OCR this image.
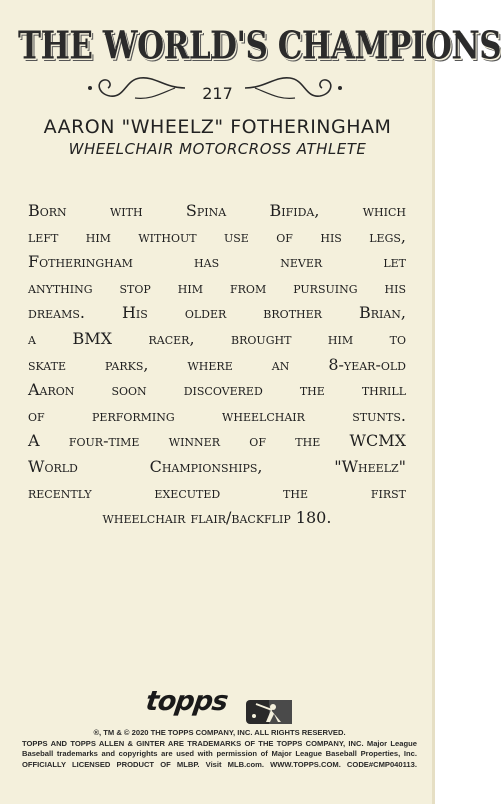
THE WORLD'S CHAMPIONS
217
AARON "WHEELZ" FOTHERINGHAM
WHEELCHAIR MOTORCROSS ATHLETE
Born with Spina Bifida, which
left him without use of his legs,
Fotheringham has never let
anything stop him from pursuing his
dreams. His older brother Brian,
a BMX racer, brought him to
skate parks, where an 8-year-old
Aaron soon discovered the thrill
of performing wheelchair stunts.
A four-time winner of the WCMX
World Championships, "Wheelz"
recently executed the first
wheelchair flair/backflip 180.
topps
®, TM & © 2020 THE TOPPS COMPANY, INC. ALL RIGHTS RESERVED.
TOPPS AND TOPPS ALLEN & GINTER ARE TRADEMARKS OF THE TOPPS COMPANY, INC. Major League
Baseball trademarks and copyrights are used with permission of Major League Baseball Properties, Inc.
OFFICIALLY LICENSED PRODUCT OF MLBP. Visit MLB.com. WWW.TOPPS.COM. CODE#CMP040113.
